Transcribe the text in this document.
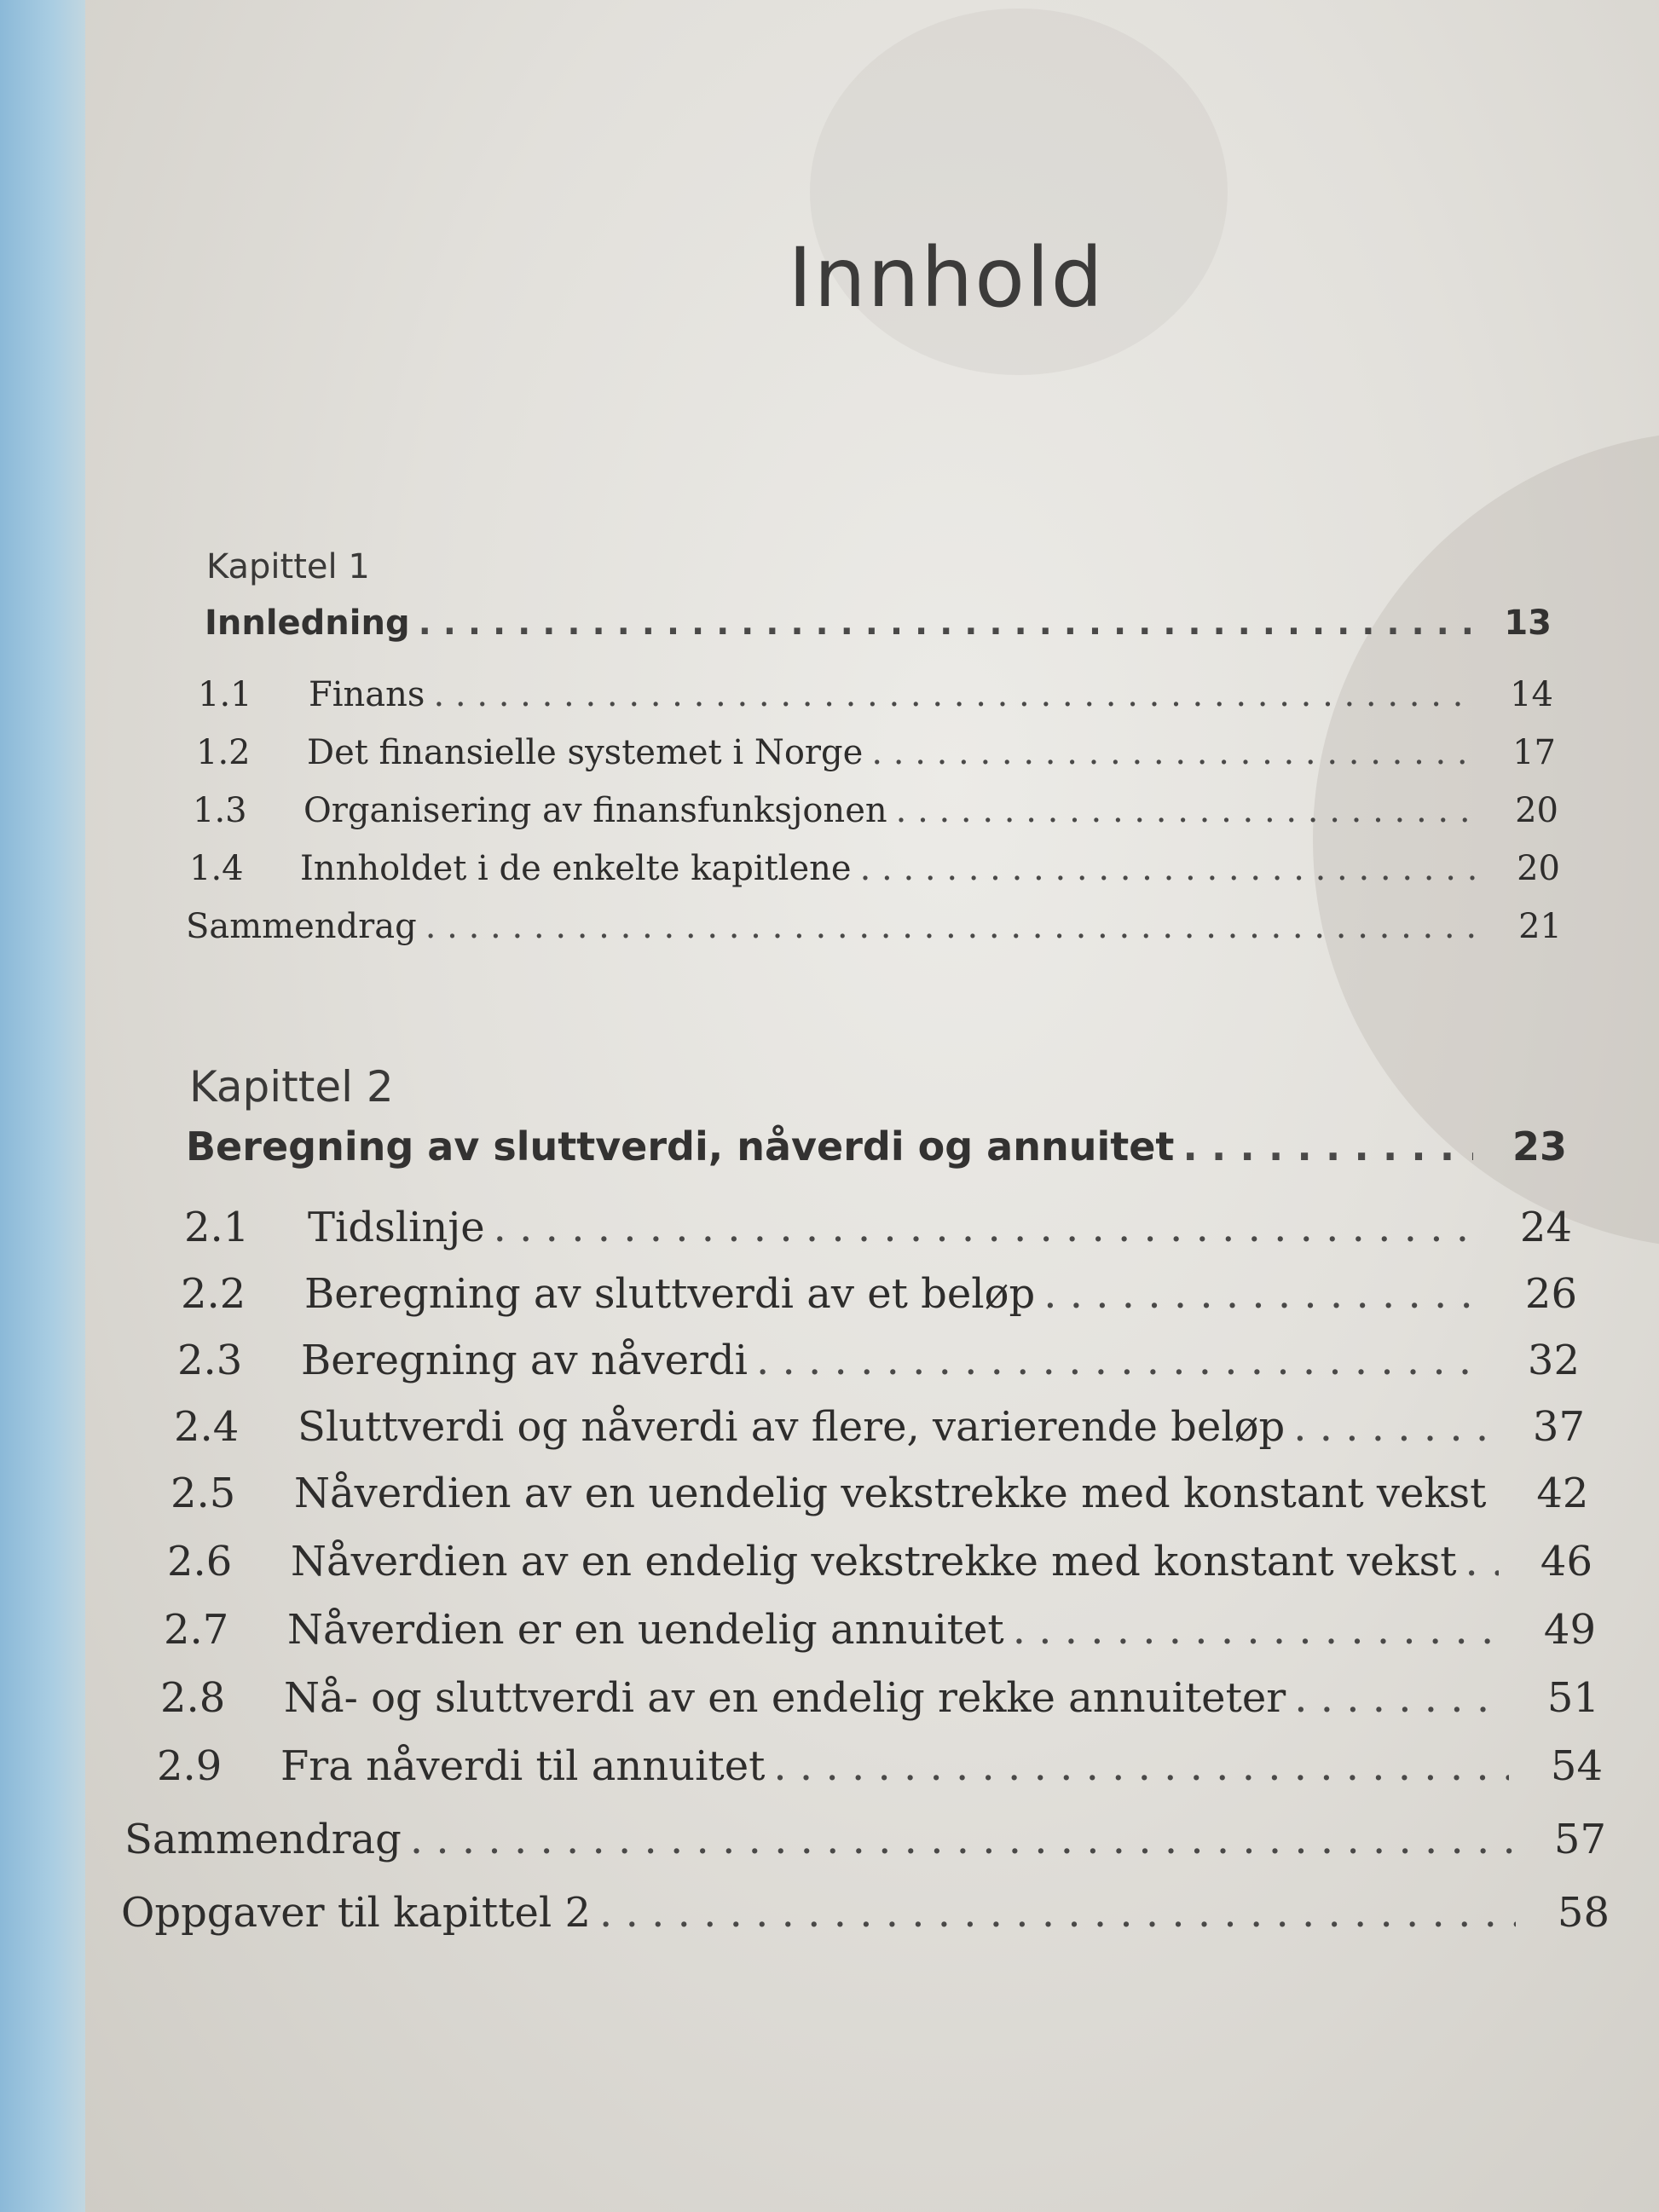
Innhold
Kapittel 1
Innledning . . .	13
1.1	Finans . . .	14
1.2	Det finansielle systemet i Norge . . .	17
1.3	Organisering av finansfunksjonen . . .	20
1.4	Innholdet i de enkelte kapitlene . . .	20
Sammendrag . . .	21
Kapittel 2
Beregning av sluttverdi, nåverdi og annuitet . . .	23
2.1	Tidslinje . . .	24
2.2	Beregning av sluttverdi av et beløp . . .	26
2.3	Beregning av nåverdi . . .	32
2.4	Sluttverdi og nåverdi av flere, varierende beløp . . .	37
2.5	Nåverdien av en uendelig vekstrekke med konstant vekst	42
2.6	Nåverdien av en endelig vekstrekke med konstant vekst . . .	46
2.7	Nåverdien er en uendelig annuitet . . .	49
2.8	Nå- og sluttverdi av en endelig rekke annuiteter . . .	51
2.9	Fra nåverdi til annuitet . . .	54
Sammendrag . . .	57
Oppgaver til kapittel 2 . . .	58
